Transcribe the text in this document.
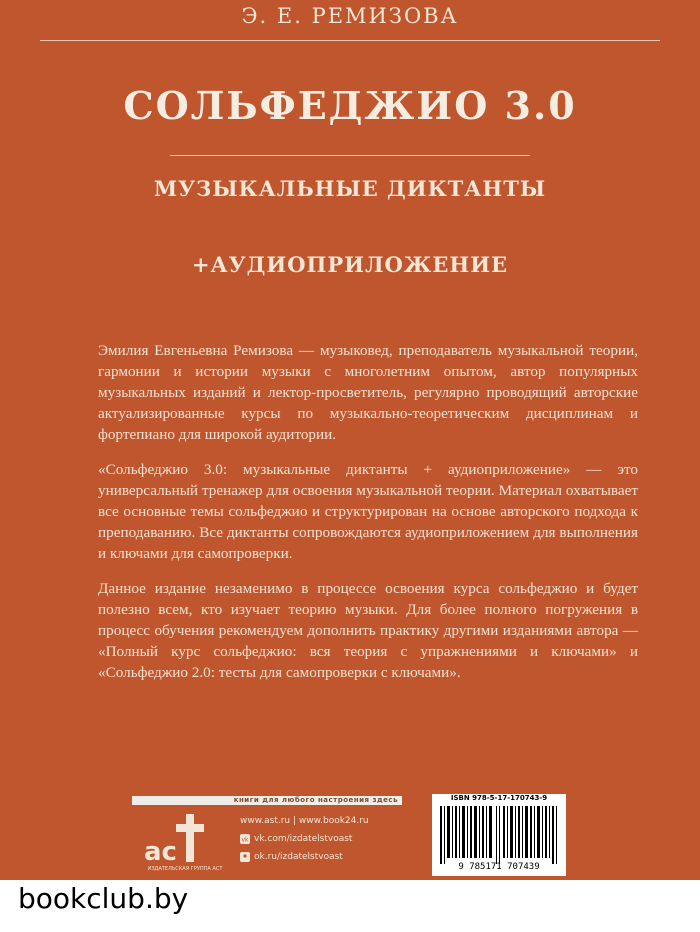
Э. Е. РЕМИЗОВА
СОЛЬФЕДЖИО 3.0
МУЗЫКАЛЬНЫЕ ДИКТАНТЫ
+АУДИОПРИЛОЖЕНИЕ

Эмилия Евгеньевна Ремизова — музыковед, преподаватель музыкальной теории, гармонии и истории музыки с многолетним опытом, автор популярных музыкальных изданий и лектор-просветитель, регулярно проводящий авторские актуализированные курсы по музыкально-теоретическим дисциплинам и фортепиано для широкой аудитории.

«Сольфеджио 3.0: музыкальные диктанты + аудиоприложение» — это универсальный тренажер для освоения музыкальной теории. Материал охватывает все основные темы сольфеджио и структурирован на основе авторского подхода к преподаванию. Все диктанты сопровождаются аудиоприложением для выполнения и ключами для самопроверки.

Данное издание незаменимо в процессе освоения курса сольфеджио и будет полезно всем, кто изучает теорию музыки. Для более полного погружения в процесс обучения рекомендуем дополнить практику другими изданиями автора — «Полный курс сольфеджио: вся теория с упражнениями и ключами» и «Сольфеджио 2.0: тесты для самопроверки с ключами».

книги для любого настроения здесь
ас
ИЗДАТЕЛЬСКАЯ ГРУППА АСТ
www.ast.ru | www.book24.ru
vk vk.com/izdatelstvoast
ok.ru/izdatelstvoast
ISBN 978-5-17-170743-9
9 785171 707439
bookclub.by
